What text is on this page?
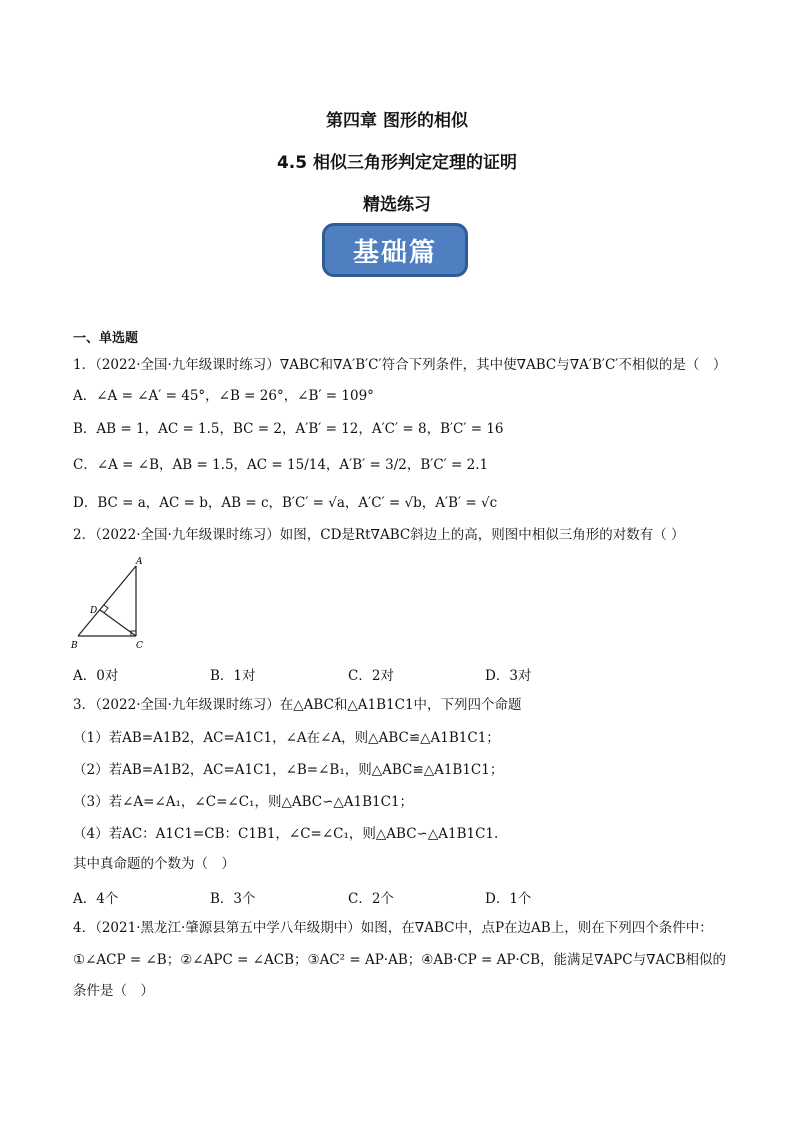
第四章 图形的相似
4.5 相似三角形判定定理的证明
精选练习
基础篇
一、单选题
1．（2022·全国·九年级课时练习）∇ABC和∇A′B′C′符合下列条件，其中使∇ABC与∇A′B′C′不相似的是（　）
A．∠A = ∠A′ = 45°，∠B = 26°，∠B′ = 109°
B．AB = 1，AC = 1.5，BC = 2，A′B′ = 12，A′C′ = 8，B′C′ = 16
C．∠A = ∠B，AB = 1.5，AC = 15/14，A′B′ = 3/2，B′C′ = 2.1
D．BC = a，AC = b，AB = c，B′C′ = √a，A′C′ = √b，A′B′ = √c
2．（2022·全国·九年级课时练习）如图，CD是Rt∇ABC斜边上的高，则图中相似三角形的对数有（ ）
A
D
B	C
A．0对	B．1对	C．2对	D．3对
3．（2022·全国·九年级课时练习）在△ABC和△A1B1C1中，下列四个命题
（1）若AB=A1B2，AC=A1C1，∠A在∠A，则△ABC≌△A1B1C1；
（2）若AB=A1B2，AC=A1C1，∠B=∠B₁，则△ABC≌△A1B1C1；
（3）若∠A=∠A₁，∠C=∠C₁，则△ABC∽△A1B1C1；
（4）若AC：A1C1=CB：C1B1，∠C=∠C₁，则△ABC∽△A1B1C1.
其中真命题的个数为（　）
A．4个	B．3个	C．2个	D．1个
4．（2021·黑龙江·肇源县第五中学八年级期中）如图，在∇ABC中，点P在边AB上，则在下列四个条件中：
①∠ACP = ∠B；②∠APC = ∠ACB；③AC² = AP·AB；④AB·CP = AP·CB，能满足∇APC与∇ACB相似的
条件是（　）
